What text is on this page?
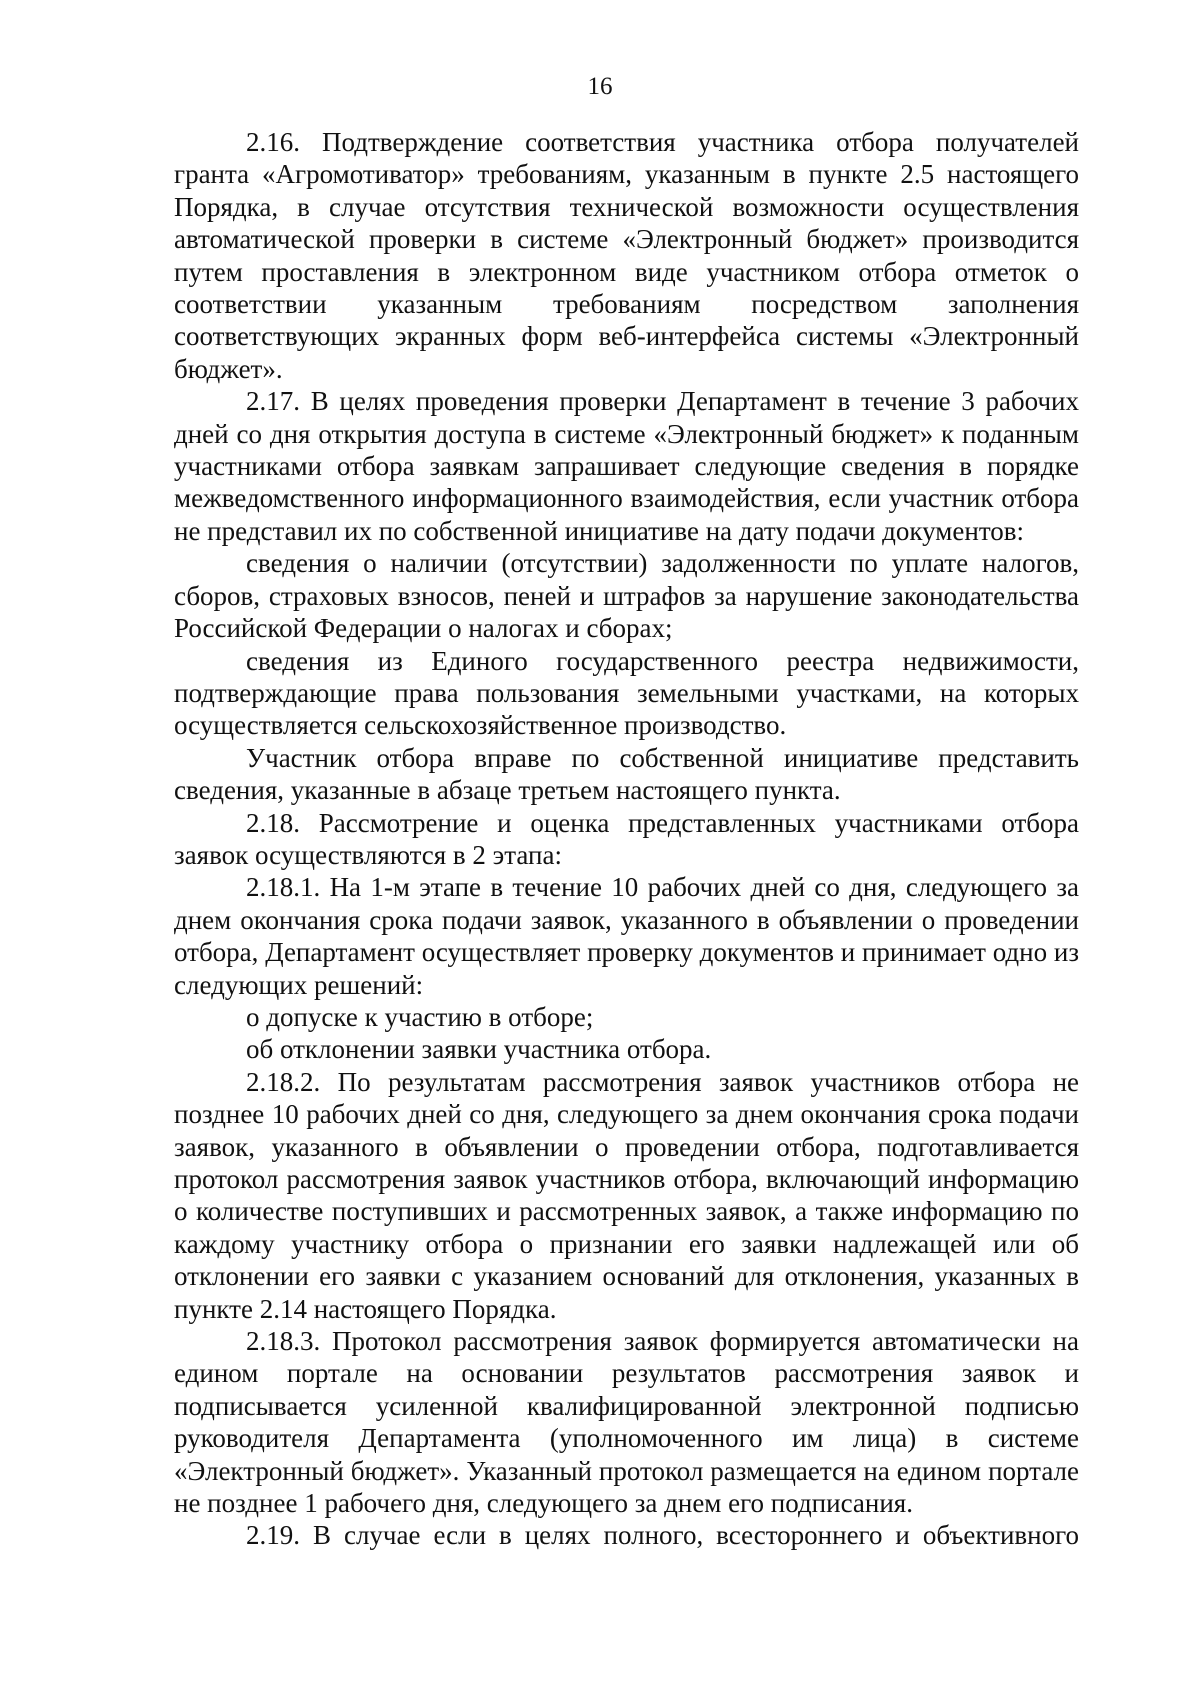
16

2.16. Подтверждение соответствия участника отбора получателей гранта «Агромотиватор» требованиям, указанным в пункте 2.5 настоящего Порядка, в случае отсутствия технической возможности осуществления автоматической проверки в системе «Электронный бюджет» производится путем проставления в электронном виде участником отбора отметок о соответствии указанным требованиям посредством заполнения соответствующих экранных форм веб-интерфейса системы «Электронный бюджет».

2.17. В целях проведения проверки Департамент в течение 3 рабочих дней со дня открытия доступа в системе «Электронный бюджет» к поданным участниками отбора заявкам запрашивает следующие сведения в порядке межведомственного информационного взаимодействия, если участник отбора не представил их по собственной инициативе на дату подачи документов:

сведения о наличии (отсутствии) задолженности по уплате налогов, сборов, страховых взносов, пеней и штрафов за нарушение законодательства Российской Федерации о налогах и сборах;

сведения из Единого государственного реестра недвижимости, подтверждающие права пользования земельными участками, на которых осуществляется сельскохозяйственное производство.

Участник отбора вправе по собственной инициативе представить сведения, указанные в абзаце третьем настоящего пункта.

2.18. Рассмотрение и оценка представленных участниками отбора заявок осуществляются в 2 этапа:

2.18.1. На 1-м этапе в течение 10 рабочих дней со дня, следующего за днем окончания срока подачи заявок, указанного в объявлении о проведении отбора, Департамент осуществляет проверку документов и принимает одно из следующих решений:

о допуске к участию в отборе;

об отклонении заявки участника отбора.

2.18.2. По результатам рассмотрения заявок участников отбора не позднее 10 рабочих дней со дня, следующего за днем окончания срока подачи заявок, указанного в объявлении о проведении отбора, подготавливается протокол рассмотрения заявок участников отбора, включающий информацию о количестве поступивших и рассмотренных заявок, а также информацию по каждому участнику отбора о признании его заявки надлежащей или об отклонении его заявки с указанием оснований для отклонения, указанных в пункте 2.14 настоящего Порядка.

2.18.3. Протокол рассмотрения заявок формируется автоматически на едином портале на основании результатов рассмотрения заявок и подписывается усиленной квалифицированной электронной подписью руководителя Департамента (уполномоченного им лица) в системе «Электронный бюджет». Указанный протокол размещается на едином портале не позднее 1 рабочего дня, следующего за днем его подписания.

2.19. В случае если в целях полного, всестороннего и объективного
